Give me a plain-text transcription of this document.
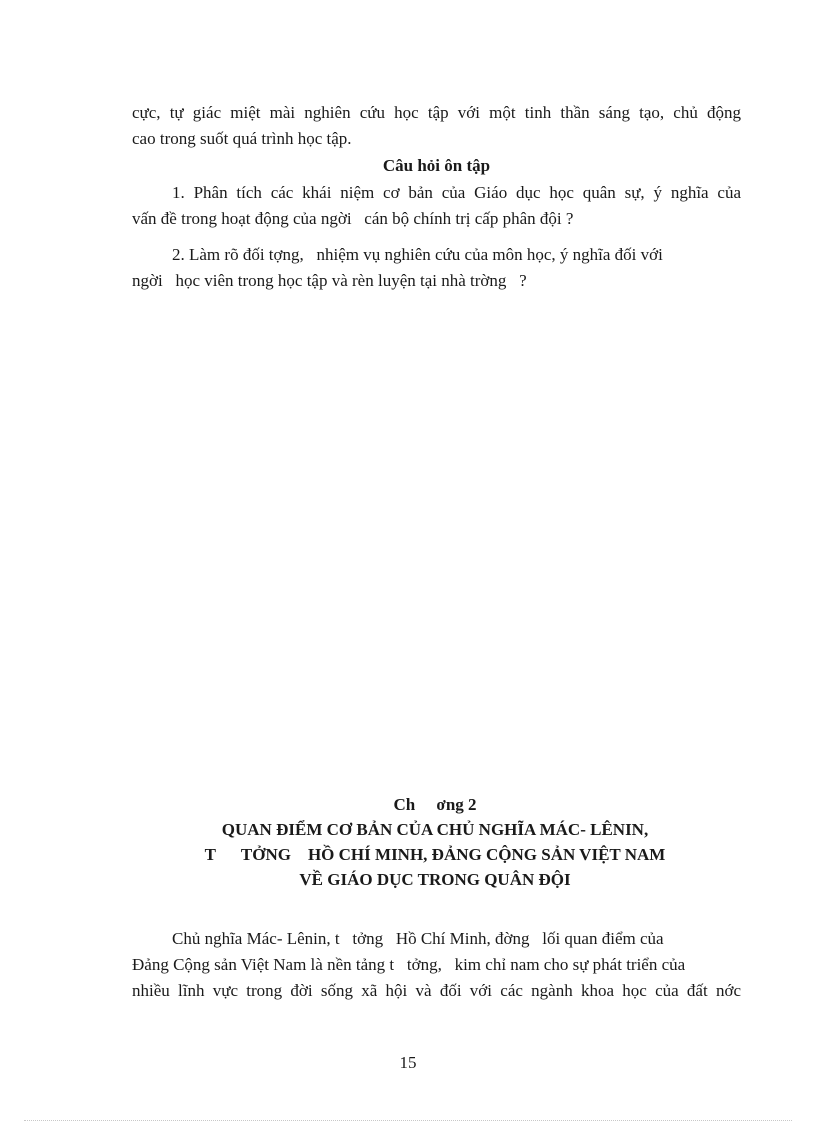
cực, tự giác miệt mài nghiên cứu học tập với một tinh thần sáng tạo, chủ động

cao trong suốt quá trình học tập.

Câu hỏi ôn tập

1. Phân tích các khái niệm cơ bản của Giáo dục học quân sự, ý nghĩa của

vấn đề trong hoạt động của ngời   cán bộ chính trị cấp phân đội ?

2. Làm rõ đối tợng,   nhiệm vụ nghiên cứu của môn học, ý nghĩa đối với

ngời   học viên trong học tập và rèn luyện tại nhà trờng   ?

Ch     ơng 2

QUAN ĐIỂM CƠ BẢN CỦA CHỦ NGHĨA MÁC- LÊNIN,

T      TỞNG    HỒ CHÍ MINH, ĐẢNG CỘNG SẢN VIỆT NAM

VỀ GIÁO DỤC TRONG QUÂN ĐỘI

Chủ nghĩa Mác- Lênin, t   tởng   Hồ Chí Minh, đờng   lối quan điểm của

Đảng Cộng sản Việt Nam là nền tảng t   tởng,   kim chỉ nam cho sự phát triển của

nhiều lĩnh vực trong đời sống xã hội và đối với các ngành khoa học của đất nớc

15
